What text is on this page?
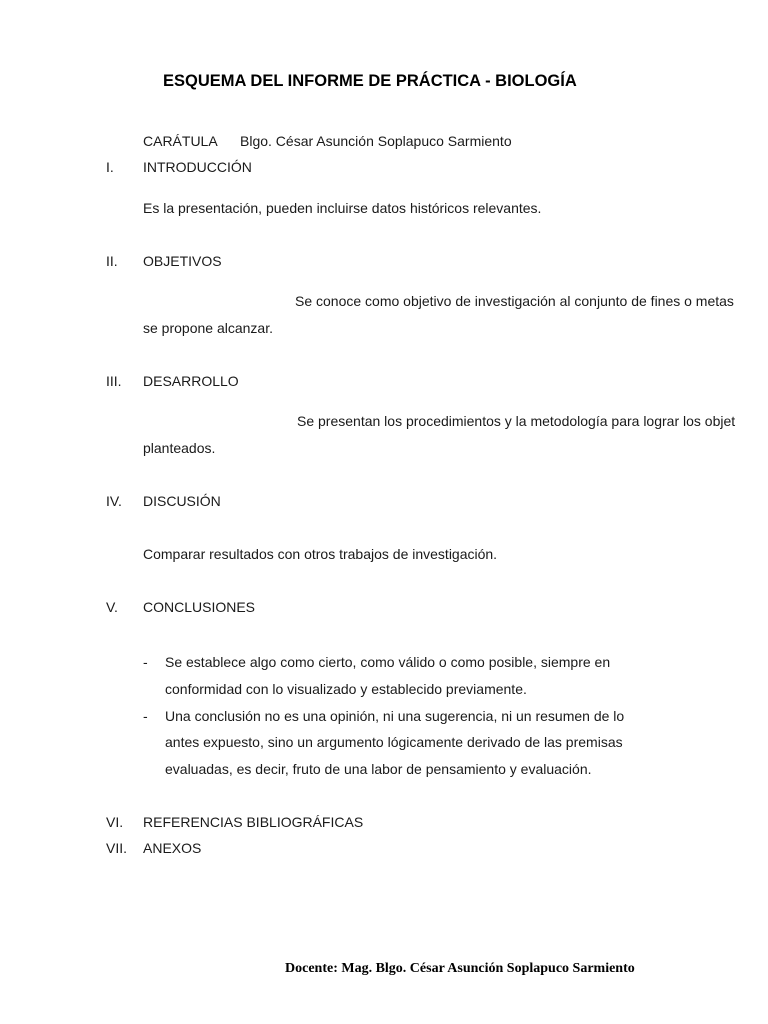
ESQUEMA DEL INFORME DE PRÁCTICA - BIOLOGÍA
CARÁTULA Blgo. César Asunción Soplapuco Sarmiento
I. INTRODUCCIÓN
Es la presentación, pueden incluirse datos históricos relevantes.
II. OBJETIVOS
Se conoce como objetivo de investigación al conjunto de fines o metas
se propone alcanzar.
III. DESARROLLO
Se presentan los procedimientos y la metodología para lograr los objet
planteados.
IV. DISCUSIÓN
Comparar resultados con otros trabajos de investigación.
V. CONCLUSIONES
- Se establece algo como cierto, como válido o como posible, siempre en
conformidad con lo visualizado y establecido previamente.
- Una conclusión no es una opinión, ni una sugerencia, ni un resumen de lo
antes expuesto, sino un argumento lógicamente derivado de las premisas
evaluadas, es decir, fruto de una labor de pensamiento y evaluación.
VI. REFERENCIAS BIBLIOGRÁFICAS
VII. ANEXOS
Docente: Mag. Blgo. César Asunción Soplapuco Sarmiento
